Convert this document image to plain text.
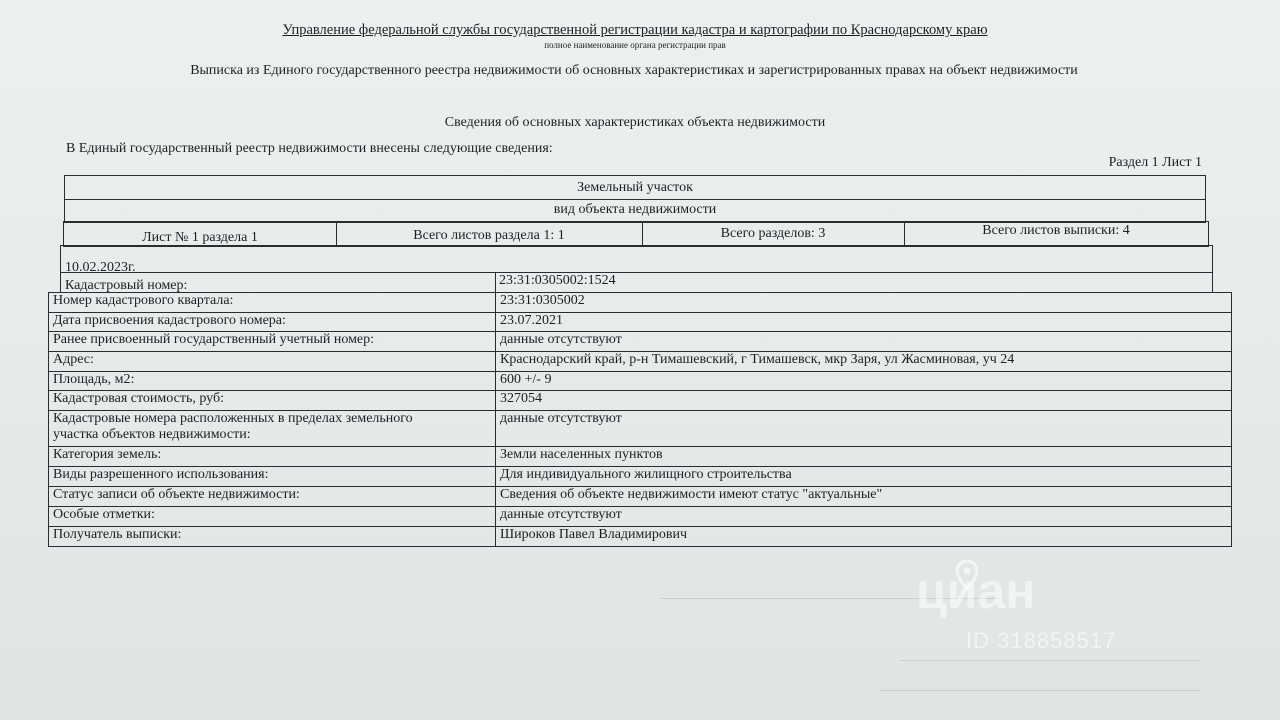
Управление федеральной службы государственной регистрации кадастра и картографии по Краснодарскому краю
полное наименование органа регистрации прав
Выписка из Единого государственного реестра недвижимости об основных характеристиках и зарегистрированных правах на объект недвижимости
Сведения об основных характеристиках объекта недвижимости
В Единый государственный реестр недвижимости внесены следующие сведения:
Раздел 1 Лист 1
Земельный участок
вид объекта недвижимости
Лист № 1 раздела 1	Всего листов раздела 1: 1	Всего разделов: 3	Всего листов выписки: 4
10.02.2023г.
Кадастровый номер:	23:31:0305002:1524
Номер кадастрового квартала:	23:31:0305002
Дата присвоения кадастрового номера:	23.07.2021
Ранее присвоенный государственный учетный номер:	данные отсутствуют
Адрес:	Краснодарский край, р-н Тимашевский, г Тимашевск, мкр Заря, ул Жасминовая, уч 24
Площадь, м2:	600 +/- 9
Кадастровая стоимость, руб:	327054

Кадастровые номера расположенных в пределах земельного
участка объектов недвижимости:	данные отсутствуют
Категория земель:	Земли населенных пунктов
Виды разрешенного использования:	Для индивидуального жилищного строительства
Статус записи об объекте недвижимости:	Сведения об объекте недвижимости имеют статус "актуальные"
Особые отметки:	данные отсутствуют
Получатель выписки:	Широков Павел Владимирович
циан
ID 318858517
